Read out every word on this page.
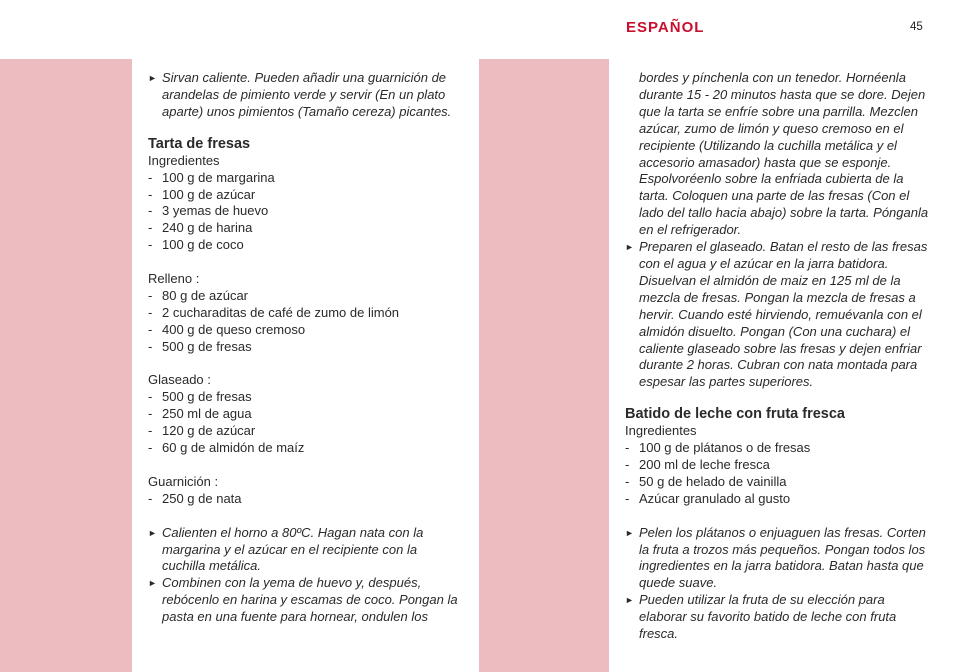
ESPAÑOL	45

► Sirvan caliente. Pueden añadir una guarnición de arandelas de pimiento verde y servir (En un plato aparte) unos pimientos (Tamaño cereza) picantes.

Tarta de fresas

Ingredientes

- 100 g de margarina

- 100 g de azúcar

- 3 yemas de huevo

- 240 g de harina

- 100 g de coco

Relleno :

- 80 g de azúcar

- 2 cucharaditas de café de zumo de limón

- 400 g de queso cremoso

- 500 g de fresas

Glaseado :

- 500 g de fresas

- 250 ml de agua

- 120 g de azúcar

- 60 g de almidón de maíz

Guarnición :

- 250 g de nata

► Calienten el horno a 80ºC. Hagan nata con la margarina y el azúcar en el recipiente con la cuchilla metálica.

► Combinen con la yema de huevo y, después, rebócenlo en harina y escamas de coco. Pongan la pasta en una fuente para hornear, ondulen los

bordes y pínchenla con un tenedor. Hornéenla durante 15 - 20 minutos hasta que se dore. Dejen que la tarta se enfríe sobre una parrilla. Mezclen azúcar, zumo de limón y queso cremoso en el recipiente (Utilizando la cuchilla metálica y el accesorio amasador) hasta que se esponje. Espolvoréenlo sobre la enfriada cubierta de la tarta. Coloquen una parte de las fresas (Con el lado del tallo hacia abajo) sobre la tarta. Pónganla en el refrigerador.

► Preparen el glaseado. Batan el resto de las fresas con el agua y el azúcar en la jarra batidora. Disuelvan el almidón de maiz en 125 ml de la mezcla de fresas. Pongan la mezcla de fresas a hervir. Cuando esté hirviendo, remuévanla con el almidón disuelto. Pongan (Con una cuchara) el caliente glaseado sobre las fresas y dejen enfriar durante 2 horas. Cubran con nata montada para espesar las partes superiores.

Batido de leche con fruta fresca

Ingredientes

- 100 g de plátanos o de fresas

- 200 ml de leche fresca

- 50 g de helado de vainilla

- Azúcar granulado al gusto

► Pelen los plátanos o enjuaguen las fresas. Corten la fruta a trozos más pequeños. Pongan todos los ingredientes en la jarra batidora. Batan hasta que quede suave.

► Pueden utilizar la fruta de su elección para elaborar su favorito batido de leche con fruta fresca.
